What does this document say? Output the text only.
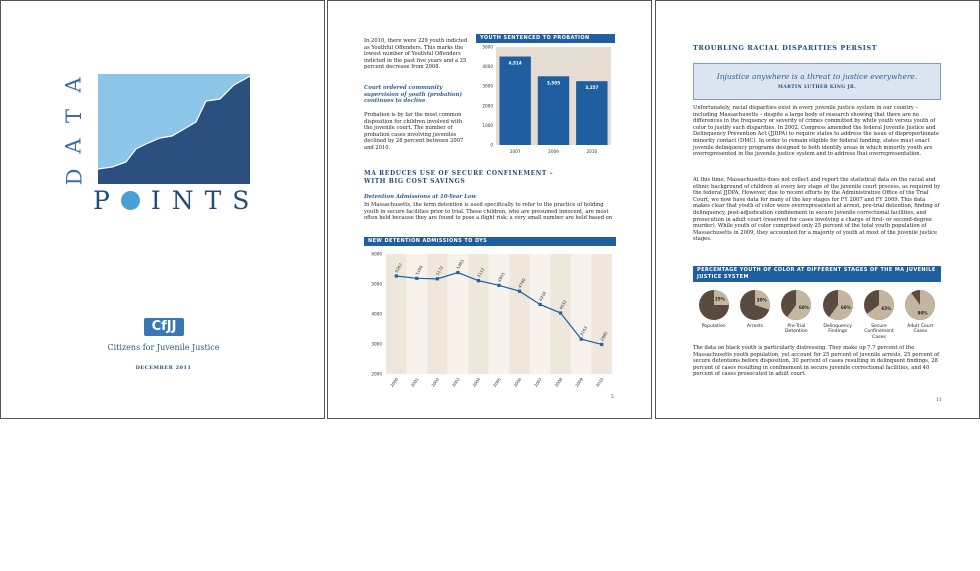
A
T
A
D
P I N T S
CfJJ
Citizens for Juvenile Justice
DECEMBER 2011
In 2010, there were 229 youth indicted as Youthful Offenders. This marks the lowest number of Youthful Offenders indicted in the past five years and a 25 percent decrease from 2008.
Court ordered community supervision of youth (probation) continues to decline
Probation is by far the most common disposition for children involved with the juvenile court. The number of probation cases involving juveniles declined by 28 percent between 2007 and 2010.
YOUTH SENTENCED TO PROBATION
5000
4000
3000
2000
1000
0
4,514
2007
3,505
2009
3,257
2010
MA REDUCES USE OF SECURE CONFINEMENT – WITH BIG COST SAVINGS
Detention Admissions at 10-Year Low
In Massachusetts, the term detention is used specifically to refer to the practice of holding youth in secure facilities prior to trial. These children, who are presumed innocent, are most often held because they are found to pose a flight risk; a very small number are held based on
NEW DETENTION ADMISSIONS TO DYS
6000
5000
4000
3000
2000
5267
2000
5189
2001
5172
2002
5383
2003
5112
2004
4955
2005
4760
2006
4318
2007
4032
2008
3163
2009
2985
2010
5
TROUBLING RACIAL DISPARITIES PERSIST
Injustice anywhere is a threat to justice everywhere.
MARTIN LUTHER KING JR.
Unfortunately, racial disparities exist in every juvenile justice system in our country – including Massachusetts – despite a large body of research showing that there are no differences in the frequency or severity of crimes committed by white youth versus youth of color to justify such disparities. In 2002, Congress amended the federal Juvenile Justice and Delinquency Prevention Act (JJDPA) to require states to address the issue of disproportionate minority contact (DMC). In order to remain eligible for federal funding, states must enact juvenile delinquency programs designed to both identify areas in which minority youth are overrepresented in the juvenile justice system and to address that overrepresentation.
At this time, Massachusetts does not collect and report the statistical data on the racial and ethnic background of children at every key stage of the juvenile court process, as required by the federal JJDPA. However, due to recent efforts by the Administrative Office of the Trial Court, we now have data for many of the key stages for FY 2007 and FY 2009. This data makes clear that youth of color were overrepresented at arrest, pre-trial detention, finding of delinquency, post-adjudication confinement in secure juvenile correctional facilities, and prosecution in adult court (reserved for cases involving a charge of first- or second-degree murder). While youth of color comprised only 25 percent of the total youth population of Massachusetts in 2009, they accounted for a majority of youth at most of the juvenile justice stages.
PERCENTAGE YOUTH OF COLOR AT DIFFERENT STAGES OF THE MA JUVENILE JUSTICE SYSTEM
25%
Population
30%
Arrests
60%
Pre-Trial Detention
60%
Delinquency Findings
65%
Secure Confinement Cases
90%
Adult Court Cases
The data on black youth is particularly distressing. They make up 7.7 percent of the Massachusetts youth population, yet account for 25 percent of juvenile arrests, 25 percent of secure detentions before disposition, 30 percent of cases resulting in delinquent findings, 28 percent of cases resulting in confinement in secure juvenile correctional facilities, and 40 percent of cases prosecuted in adult court.
11
